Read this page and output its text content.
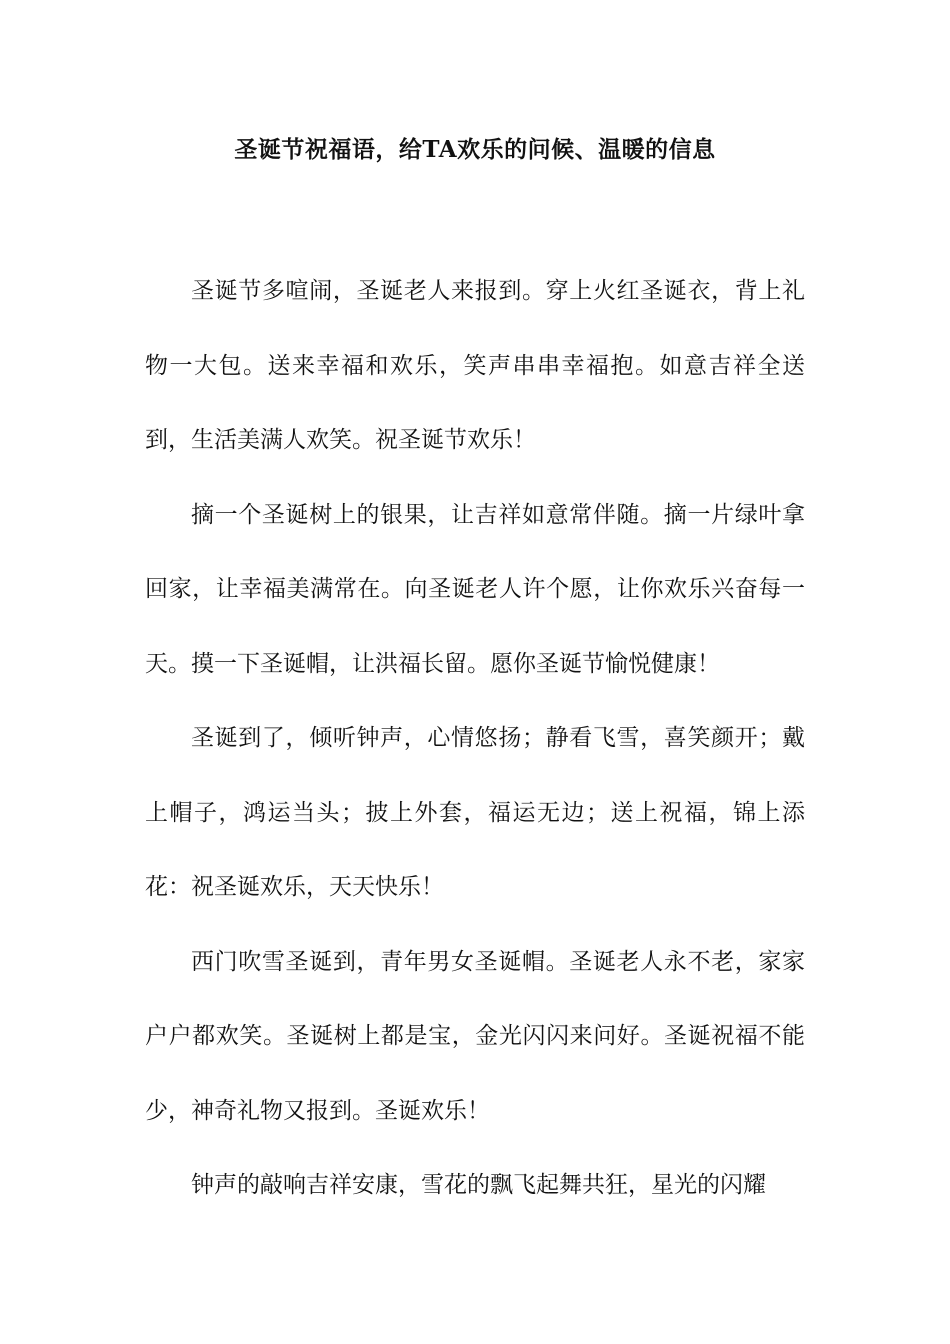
圣诞节祝福语，给TA欢乐的问候、温暖的信息

圣诞节多喧闹，圣诞老人来报到。穿上火红圣诞衣，背上礼物一大包。送来幸福和欢乐，笑声串串幸福抱。如意吉祥全送到，生活美满人欢笑。祝圣诞节欢乐！

摘一个圣诞树上的银果，让吉祥如意常伴随。摘一片绿叶拿回家，让幸福美满常在。向圣诞老人许个愿，让你欢乐兴奋每一天。摸一下圣诞帽，让洪福长留。愿你圣诞节愉悦健康！

圣诞到了，倾听钟声，心情悠扬；静看飞雪，喜笑颜开；戴上帽子，鸿运当头；披上外套，福运无边；送上祝福，锦上添花：祝圣诞欢乐，天天快乐！

西门吹雪圣诞到，青年男女圣诞帽。圣诞老人永不老，家家户户都欢笑。圣诞树上都是宝，金光闪闪来问好。圣诞祝福不能少，神奇礼物又报到。圣诞欢乐！

钟声的敲响吉祥安康，雪花的飘飞起舞共狂，星光的闪耀
